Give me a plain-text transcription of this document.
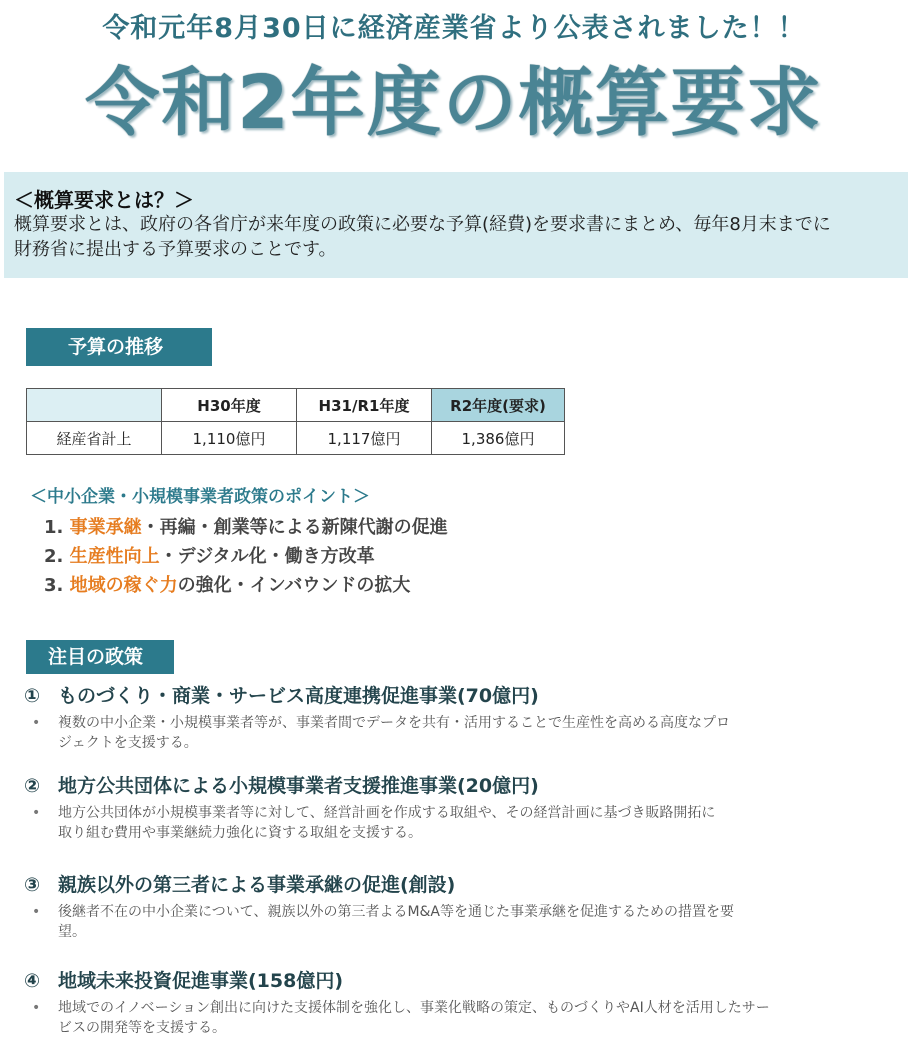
令和元年8月30日に経済産業省より公表されました！！
令和2年度の概算要求
＜概算要求とは？＞
概算要求とは、政府の各省庁が来年度の政策に必要な予算(経費)を要求書にまとめ、毎年8月末までに
財務省に提出する予算要求のことです。
予算の推移
	H30年度	H31/R1年度	R2年度(要求)
経産省計上	1,110億円	1,117億円	1,386億円
＜中小企業・小規模事業者政策のポイント＞
1. 事業承継・再編・創業等による新陳代謝の促進
2. 生産性向上・デジタル化・働き方改革
3. 地域の稼ぐ力の強化・インバウンドの拡大
注目の政策
① ものづくり・商業・サービス高度連携促進事業(70億円)
• 複数の中小企業・小規模事業者等が、事業者間でデータを共有・活用することで生産性を高める高度なプロ
ジェクトを支援する。
② 地方公共団体による小規模事業者支援推進事業(20億円)
• 地方公共団体が小規模事業者等に対して、経営計画を作成する取組や、その経営計画に基づき販路開拓に
取り組む費用や事業継続力強化に資する取組を支援する。
③ 親族以外の第三者による事業承継の促進(創設)
• 後継者不在の中小企業について、親族以外の第三者よるM&A等を通じた事業承継を促進するための措置を要
望。
④ 地域未来投資促進事業(158億円)
• 地域でのイノベーション創出に向けた支援体制を強化し、事業化戦略の策定、ものづくりやAI人材を活用したサー
ビスの開発等を支援する。
